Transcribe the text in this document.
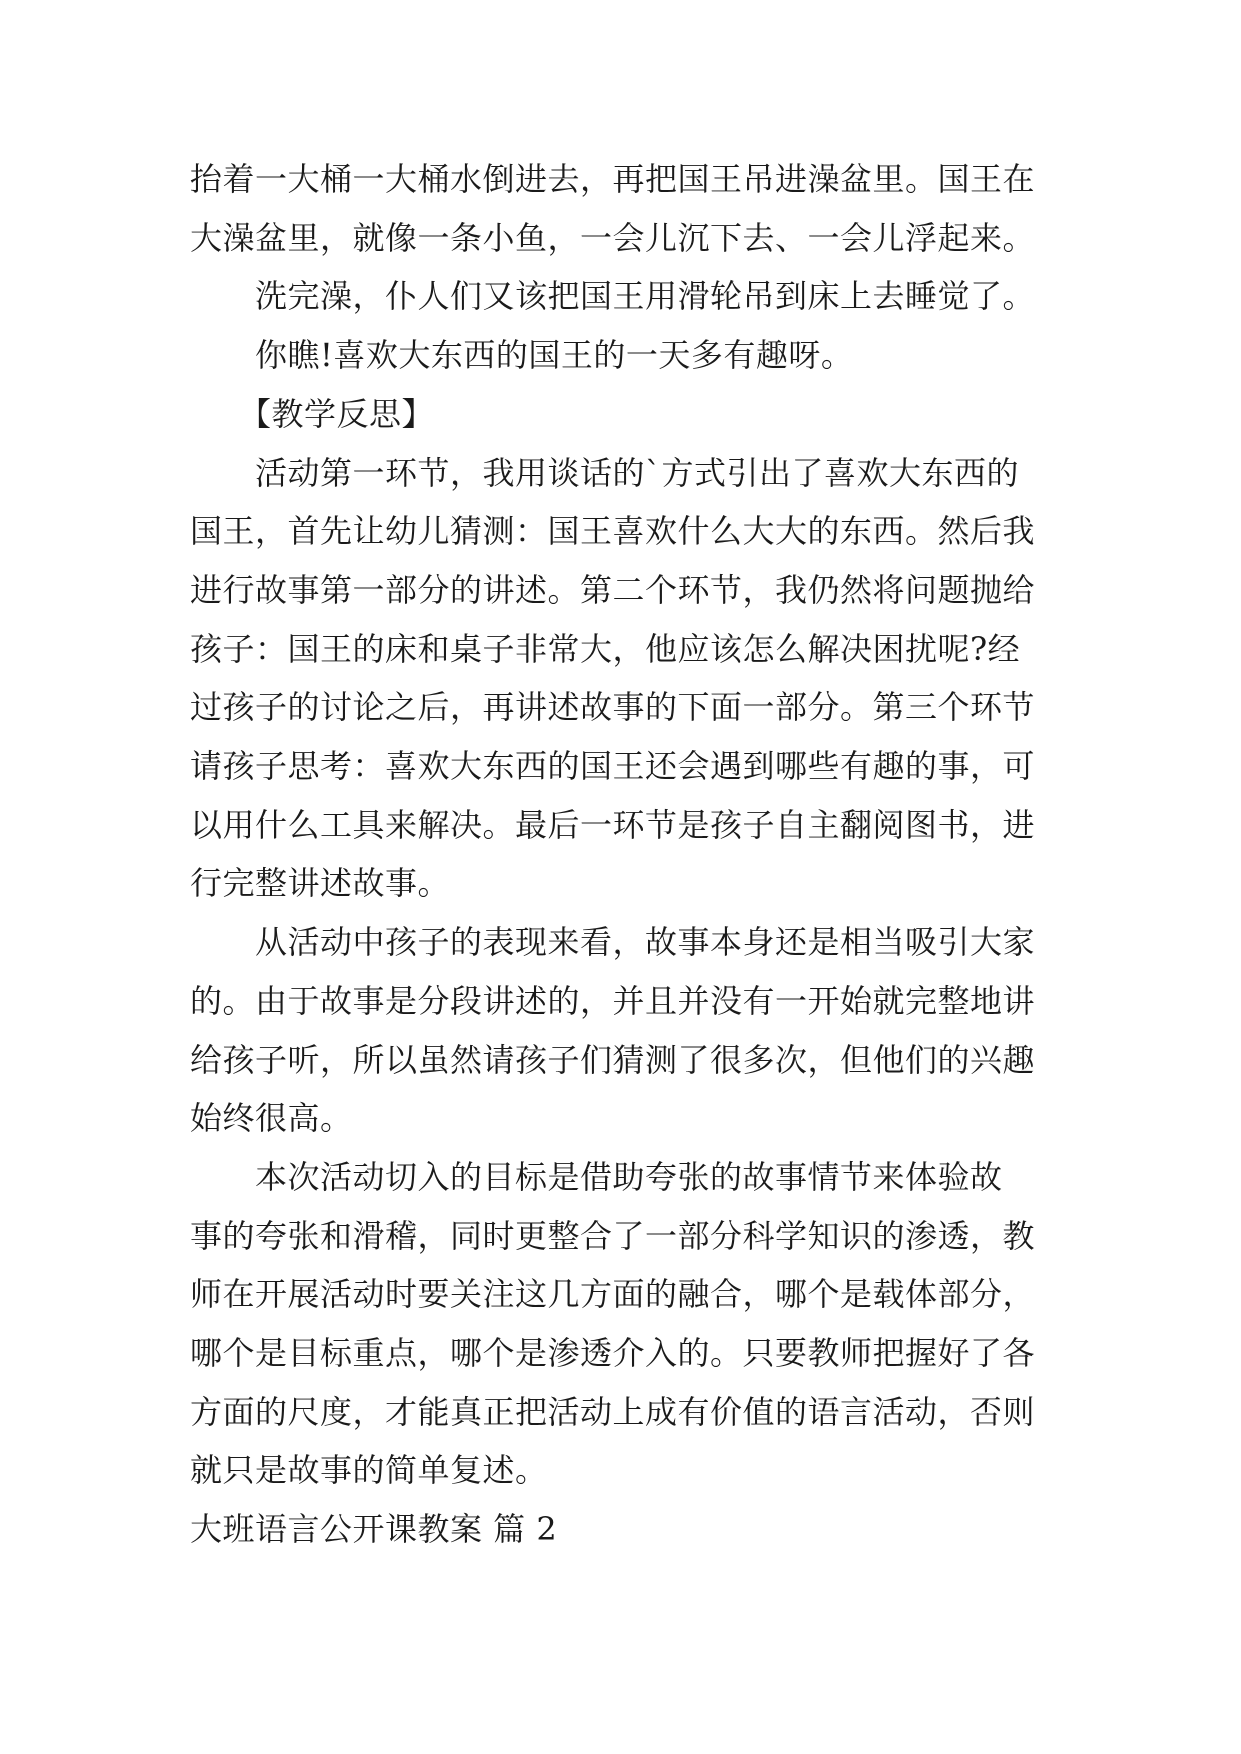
抬着一大桶一大桶水倒进去，再把国王吊进澡盆里。国王在
大澡盆里，就像一条小鱼，一会儿沉下去、一会儿浮起来。

　　洗完澡，仆人们又该把国王用滑轮吊到床上去睡觉了。

　　你瞧!喜欢大东西的国王的一天多有趣呀。

　　【教学反思】

　　活动第一环节，我用谈话的`方式引出了喜欢大东西的
国王，首先让幼儿猜测：国王喜欢什么大大的东西。然后我
进行故事第一部分的讲述。第二个环节，我仍然将问题抛给
孩子：国王的床和桌子非常大，他应该怎么解决困扰呢?经
过孩子的讨论之后，再讲述故事的下面一部分。第三个环节
请孩子思考：喜欢大东西的国王还会遇到哪些有趣的事，可
以用什么工具来解决。最后一环节是孩子自主翻阅图书，进
行完整讲述故事。

　　从活动中孩子的表现来看，故事本身还是相当吸引大家
的。由于故事是分段讲述的，并且并没有一开始就完整地讲
给孩子听，所以虽然请孩子们猜测了很多次，但他们的兴趣
始终很高。

　　本次活动切入的目标是借助夸张的故事情节来体验故
事的夸张和滑稽，同时更整合了一部分科学知识的渗透，教
师在开展活动时要关注这几方面的融合，哪个是载体部分，
哪个是目标重点，哪个是渗透介入的。只要教师把握好了各
方面的尺度，才能真正把活动上成有价值的语言活动，否则
就只是故事的简单复述。

大班语言公开课教案 篇 2
